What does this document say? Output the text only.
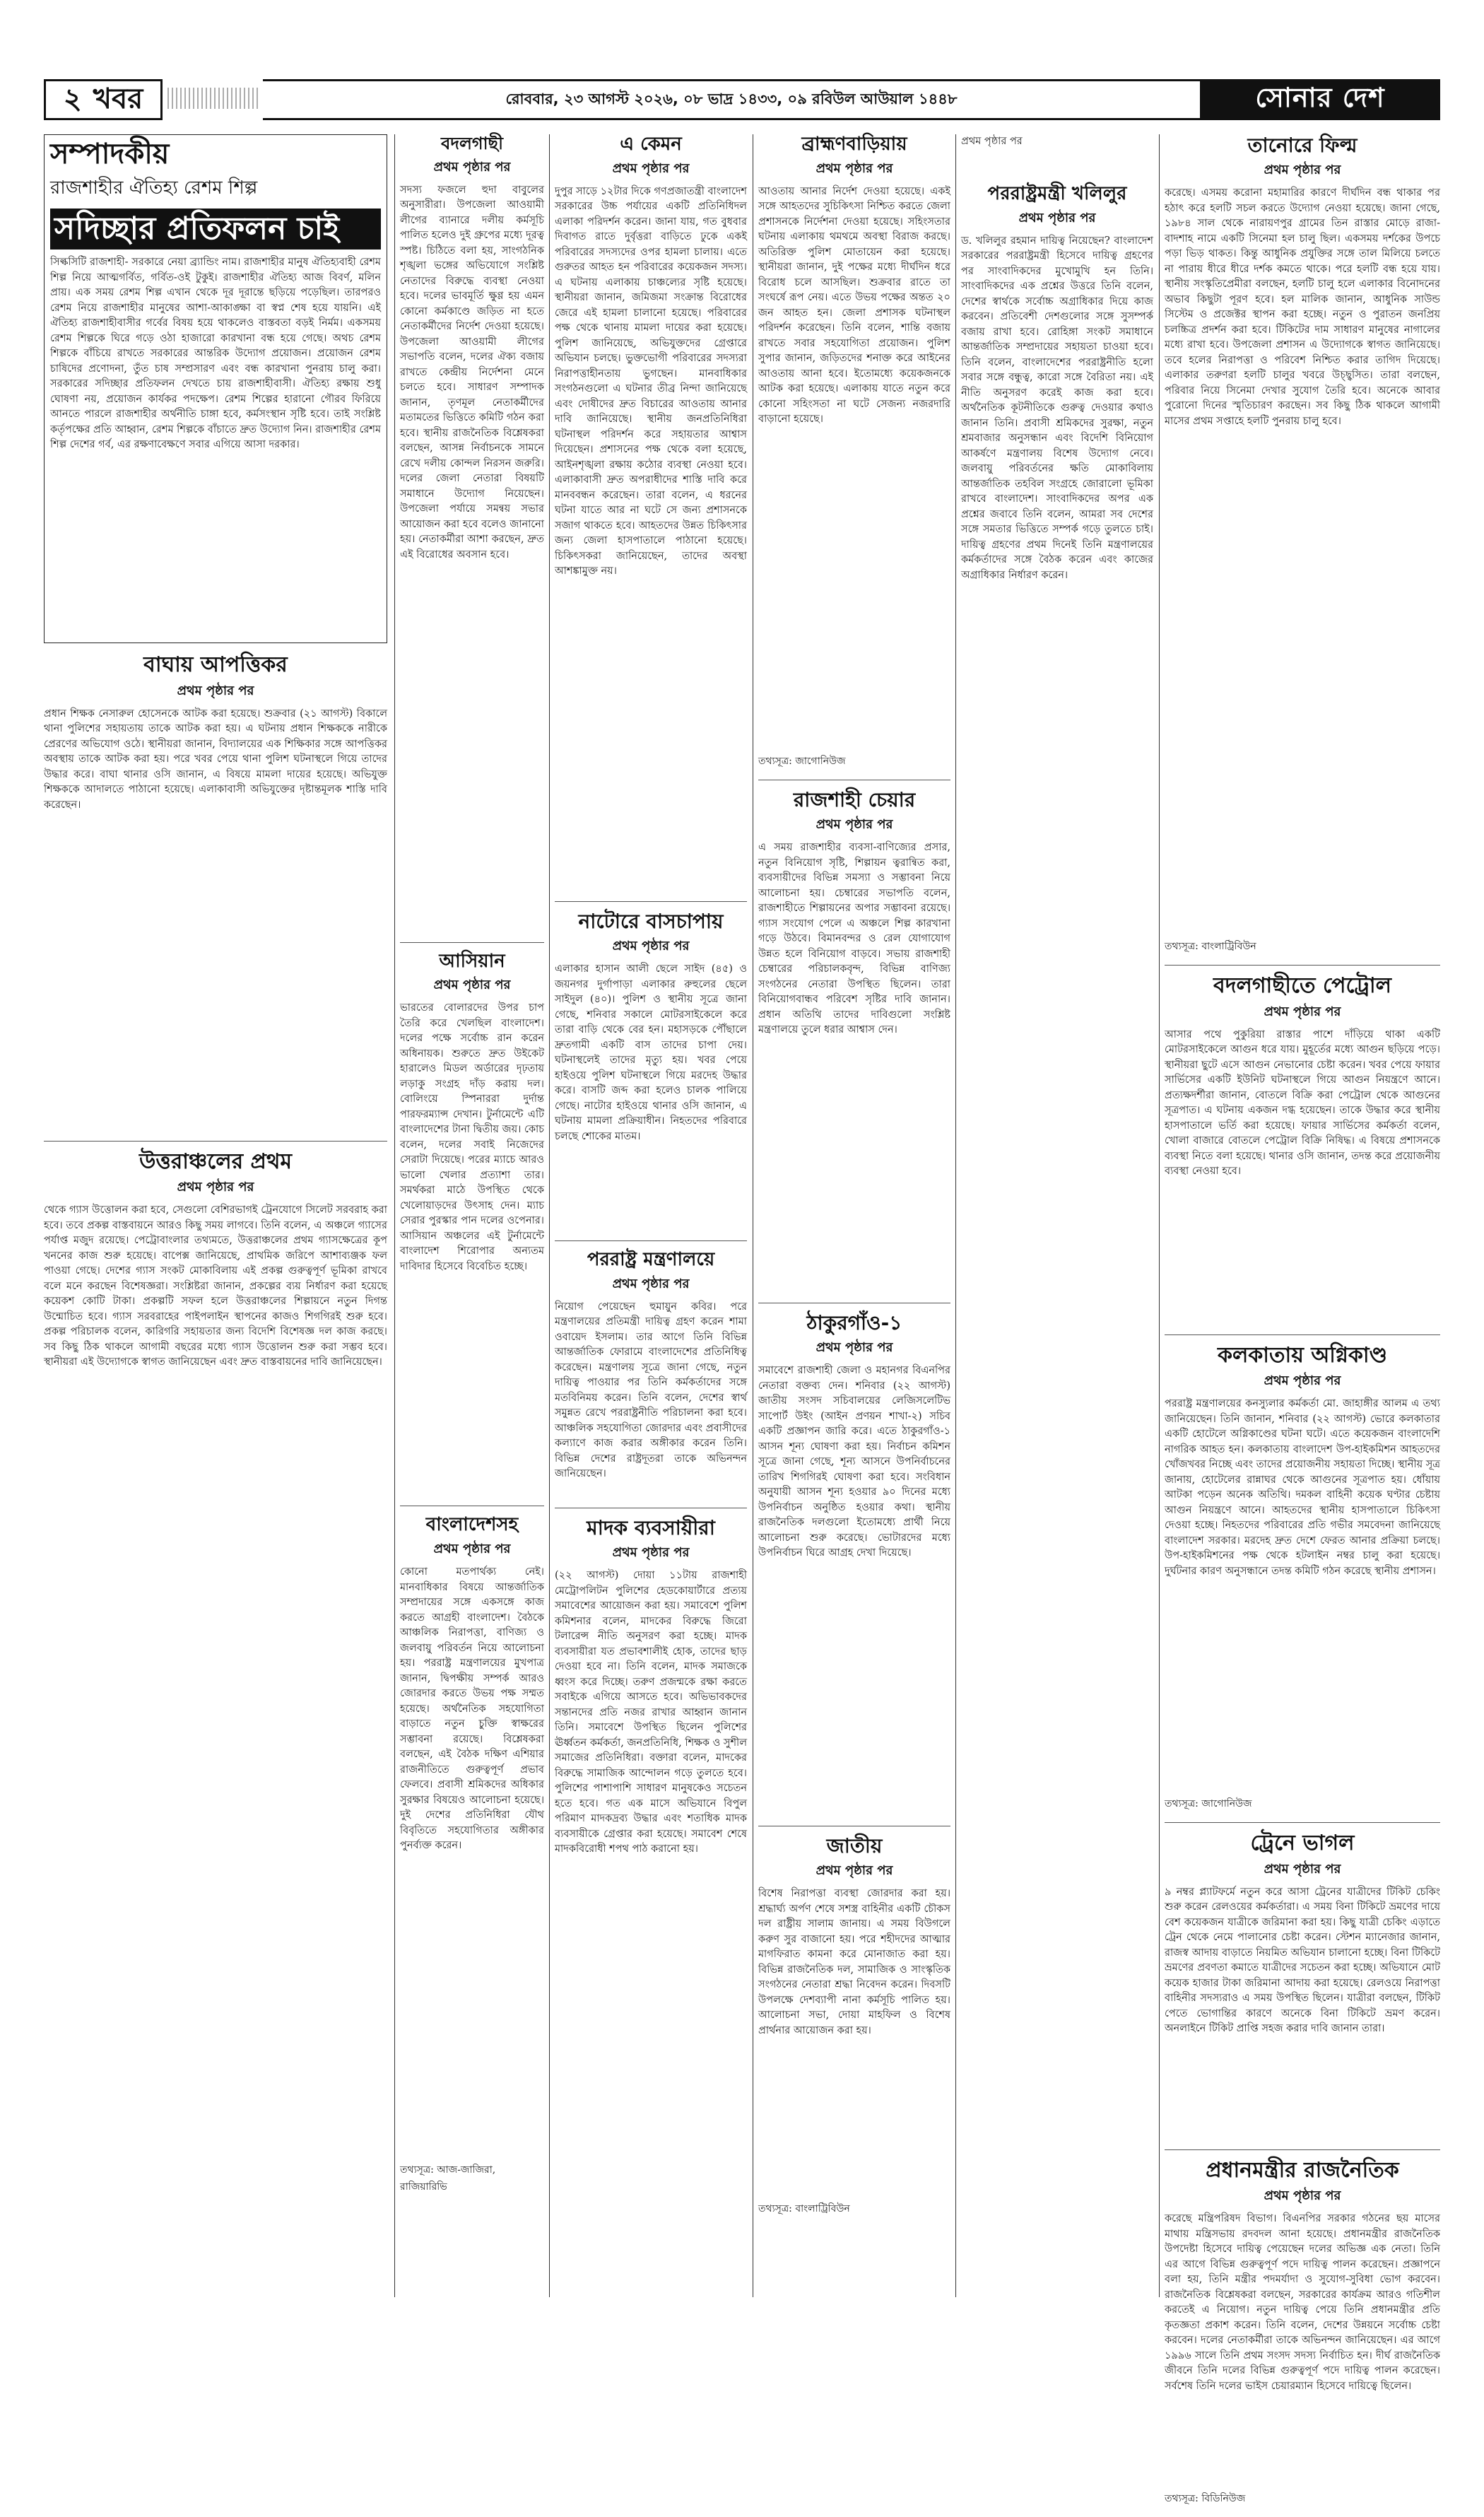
২ খবর	রোববার, ২৩ আগস্ট ২০২৬, ০৮ ভাদ্র ১৪৩৩, ০৯ রবিউল আউয়াল ১৪৪৮	সোনার দেশ
সম্পাদকীয়
রাজশাহীর ঐতিহ্য রেশম শিল্প
সদিচ্ছার প্রতিফলন চাই
সিল্কসিটি রাজশাহী- সরকারে নেয়া ব্র্যান্ডিং নাম। রাজশাহীর মানুষ ঐতিহ্যবাহী রেশম শিল্প নিয়ে আত্মগর্বিত, গর্বিত-ওই টুকুই। রাজশাহীর ঐতিহ্য আজ বিবর্ণ, মলিন প্রায়। এক সময় রেশম শিল্প এখান থেকে দূর দূরান্তে ছড়িয়ে পড়েছিল। তারপরও রেশম নিয়ে রাজশাহীর মানুষের আশা-আকাঙ্ক্ষা বা স্বপ্ন শেষ হয়ে যায়নি। এই ঐতিহ্য রাজশাহীবাসীর গর্বের বিষয় হয়ে থাকলেও বাস্তবতা বড়ই নির্মম। একসময় রেশম শিল্পকে ঘিরে গড়ে ওঠা হাজারো কারখানা বন্ধ হয়ে গেছে। অথচ রেশম শিল্পকে বাঁচিয়ে রাখতে সরকারের আন্তরিক উদ্যোগ প্রয়োজন। প্রয়োজন রেশম চাষিদের প্রণোদনা, তুঁত চাষ সম্প্রসারণ এবং বন্ধ কারখানা পুনরায় চালু করা। সরকারের সদিচ্ছার প্রতিফলন দেখতে চায় রাজশাহীবাসী। ঐতিহ্য রক্ষায় শুধু ঘোষণা নয়, প্রয়োজন কার্যকর পদক্ষেপ। রেশম শিল্পের হারানো গৌরব ফিরিয়ে আনতে পারলে রাজশাহীর অর্থনীতি চাঙ্গা হবে, কর্মসংস্থান সৃষ্টি হবে। তাই সংশ্লিষ্ট কর্তৃপক্ষের প্রতি আহ্বান, রেশম শিল্পকে বাঁচাতে দ্রুত উদ্যোগ নিন। রাজশাহীর রেশম শিল্প দেশের গর্ব, এর রক্ষণাবেক্ষণে সবার এগিয়ে আসা দরকার।
বাঘায় আপত্তিকর
প্রথম পৃষ্ঠার পর
প্রধান শিক্ষক নেসারুল হোসেনকে আটক করা হয়েছে। শুক্রবার (২১ আগস্ট) বিকালে থানা পুলিশের সহায়তায় তাকে আটক করা হয়। এ ঘটনায় প্রধান শিক্ষককে নারীকে প্রেরণের অভিযোগ ওঠে। স্থানীয়রা জানান, বিদ্যালয়ের এক শিক্ষিকার সঙ্গে আপত্তিকর অবস্থায় তাকে আটক করা হয়। পরে খবর পেয়ে থানা পুলিশ ঘটনাস্থলে গিয়ে তাদের উদ্ধার করে। বাঘা থানার ওসি জানান, এ বিষয়ে মামলা দায়ের হয়েছে। অভিযুক্ত শিক্ষককে আদালতে পাঠানো হয়েছে। এলাকাবাসী অভিযুক্তের দৃষ্টান্তমূলক শাস্তি দাবি করেছেন।
উত্তরাঞ্চলের প্রথম
প্রথম পৃষ্ঠার পর
থেকে গ্যাস উত্তোলন করা হবে, সেগুলো বেশিরভাগই ট্রেনযোগে সিলেট সরবরাহ করা হবে। তবে প্রকল্প বাস্তবায়নে আরও কিছু সময় লাগবে। তিনি বলেন, এ অঞ্চলে গ্যাসের পর্যাপ্ত মজুদ রয়েছে। পেট্রোবাংলার তথ্যমতে, উত্তরাঞ্চলের প্রথম গ্যাসক্ষেত্রের কূপ খননের কাজ শুরু হয়েছে। বাপেক্স জানিয়েছে, প্রাথমিক জরিপে আশাব্যঞ্জক ফল পাওয়া গেছে। দেশের গ্যাস সংকট মোকাবিলায় এই প্রকল্প গুরুত্বপূর্ণ ভূমিকা রাখবে বলে মনে করছেন বিশেষজ্ঞরা। সংশ্লিষ্টরা জানান, প্রকল্পের ব্যয় নির্ধারণ করা হয়েছে কয়েকশ কোটি টাকা। প্রকল্পটি সফল হলে উত্তরাঞ্চলের শিল্পায়নে নতুন দিগন্ত উন্মোচিত হবে। গ্যাস সরবরাহের পাইপলাইন স্থাপনের কাজও শিগগিরই শুরু হবে। প্রকল্প পরিচালক বলেন, কারিগরি সহায়তার জন্য বিদেশি বিশেষজ্ঞ দল কাজ করছে। সব কিছু ঠিক থাকলে আগামী বছরের মধ্যে গ্যাস উত্তোলন শুরু করা সম্ভব হবে। স্থানীয়রা এই উদ্যোগকে স্বাগত জানিয়েছেন এবং দ্রুত বাস্তবায়নের দাবি জানিয়েছেন।
বদলগাছী
প্রথম পৃষ্ঠার পর
সদস্য ফজলে হুদা বাবুলের অনুসারীরা। উপজেলা আওয়ামী লীগের ব্যানারে দলীয় কর্মসূচি পালিত হলেও দুই গ্রুপের মধ্যে দূরত্ব স্পষ্ট। চিঠিতে বলা হয়, সাংগঠনিক শৃঙ্খলা ভঙ্গের অভিযোগে সংশ্লিষ্ট নেতাদের বিরুদ্ধে ব্যবস্থা নেওয়া হবে। দলের ভাবমূর্তি ক্ষুণ্ণ হয় এমন কোনো কর্মকাণ্ডে জড়িত না হতে নেতাকর্মীদের নির্দেশ দেওয়া হয়েছে। উপজেলা আওয়ামী লীগের সভাপতি বলেন, দলের ঐক্য বজায় রাখতে কেন্দ্রীয় নির্দেশনা মেনে চলতে হবে। সাধারণ সম্পাদক জানান, তৃণমূল নেতাকর্মীদের মতামতের ভিত্তিতে কমিটি গঠন করা হবে। স্থানীয় রাজনৈতিক বিশ্লেষকরা বলছেন, আসন্ন নির্বাচনকে সামনে রেখে দলীয় কোন্দল নিরসন জরুরি। দলের জেলা নেতারা বিষয়টি সমাধানে উদ্যোগ নিয়েছেন। উপজেলা পর্যায়ে সমন্বয় সভার আয়োজন করা হবে বলেও জানানো হয়। নেতাকর্মীরা আশা করছেন, দ্রুত এই বিরোধের অবসান হবে।
আসিয়ান
প্রথম পৃষ্ঠার পর
ভারতের বোলারদের উপর চাপ তৈরি করে খেলছিল বাংলাদেশ। দলের পক্ষে সর্বোচ্চ রান করেন অধিনায়ক। শুরুতে দ্রুত উইকেট হারালেও মিডল অর্ডারের দৃঢ়তায় লড়াকু সংগ্রহ দাঁড় করায় দল। বোলিংয়ে স্পিনাররা দুর্দান্ত পারফরম্যান্স দেখান। টুর্নামেন্টে এটি বাংলাদেশের টানা দ্বিতীয় জয়। কোচ বলেন, দলের সবাই নিজেদের সেরাটা দিয়েছে। পরের ম্যাচে আরও ভালো খেলার প্রত্যাশা তার। সমর্থকরা মাঠে উপস্থিত থেকে খেলোয়াড়দের উৎসাহ দেন। ম্যাচ সেরার পুরস্কার পান দলের ওপেনার। আসিয়ান অঞ্চলের এই টুর্নামেন্টে বাংলাদেশ শিরোপার অন্যতম দাবিদার হিসেবে বিবেচিত হচ্ছে।
বাংলাদেশসহ
প্রথম পৃষ্ঠার পর
কোনো মতপার্থক্য নেই। মানবাধিকার বিষয়ে আন্তর্জাতিক সম্প্রদায়ের সঙ্গে একসঙ্গে কাজ করতে আগ্রহী বাংলাদেশ। বৈঠকে আঞ্চলিক নিরাপত্তা, বাণিজ্য ও জলবায়ু পরিবর্তন নিয়ে আলোচনা হয়। পররাষ্ট্র মন্ত্রণালয়ের মুখপাত্র জানান, দ্বিপক্ষীয় সম্পর্ক আরও জোরদার করতে উভয় পক্ষ সম্মত হয়েছে। অর্থনৈতিক সহযোগিতা বাড়াতে নতুন চুক্তি স্বাক্ষরের সম্ভাবনা রয়েছে। বিশ্লেষকরা বলছেন, এই বৈঠক দক্ষিণ এশিয়ার রাজনীতিতে গুরুত্বপূর্ণ প্রভাব ফেলবে। প্রবাসী শ্রমিকদের অধিকার সুরক্ষার বিষয়েও আলোচনা হয়েছে। দুই দেশের প্রতিনিধিরা যৌথ বিবৃতিতে সহযোগিতার অঙ্গীকার পুনর্ব্যক্ত করেন।
তথ্যসূত্র: আজ-জাজিরা, রাজিয়ারিভি
এ কেমন
প্রথম পৃষ্ঠার পর
দুপুর সাড়ে ১২টার দিকে গণপ্রজাতন্ত্রী বাংলাদেশ সরকারের উচ্চ পর্যায়ের একটি প্রতিনিধিদল এলাকা পরিদর্শন করেন। জানা যায়, গত বুধবার দিবাগত রাতে দুর্বৃত্তরা বাড়িতে ঢুকে একই পরিবারের সদস্যদের ওপর হামলা চালায়। এতে গুরুতর আহত হন পরিবারের কয়েকজন সদস্য। এ ঘটনায় এলাকায় চাঞ্চল্যের সৃষ্টি হয়েছে। স্থানীয়রা জানান, জমিজমা সংক্রান্ত বিরোধের জেরে এই হামলা চালানো হয়েছে। পরিবারের পক্ষ থেকে থানায় মামলা দায়ের করা হয়েছে। পুলিশ জানিয়েছে, অভিযুক্তদের গ্রেপ্তারে অভিযান চলছে। ভুক্তভোগী পরিবারের সদস্যরা নিরাপত্তাহীনতায় ভুগছেন। মানবাধিকার সংগঠনগুলো এ ঘটনার তীব্র নিন্দা জানিয়েছে এবং দোষীদের দ্রুত বিচারের আওতায় আনার দাবি জানিয়েছে। স্থানীয় জনপ্রতিনিধিরা ঘটনাস্থল পরিদর্শন করে সহায়তার আশ্বাস দিয়েছেন। প্রশাসনের পক্ষ থেকে বলা হয়েছে, আইনশৃঙ্খলা রক্ষায় কঠোর ব্যবস্থা নেওয়া হবে। এলাকাবাসী দ্রুত অপরাধীদের শাস্তি দাবি করে মানববন্ধন করেছেন। তারা বলেন, এ ধরনের ঘটনা যাতে আর না ঘটে সে জন্য প্রশাসনকে সজাগ থাকতে হবে। আহতদের উন্নত চিকিৎসার জন্য জেলা হাসপাতালে পাঠানো হয়েছে। চিকিৎসকরা জানিয়েছেন, তাদের অবস্থা আশঙ্কামুক্ত নয়।
নাটোরে বাসচাপায়
প্রথম পৃষ্ঠার পর
এলাকার হাসান আলী ছেলে সাইদ (৪৫) ও জয়নগর দুর্গাপাড়া এলাকার রুহুলের ছেলে সাইদুল (৪০)। পুলিশ ও স্থানীয় সূত্রে জানা গেছে, শনিবার সকালে মোটরসাইকেলে করে তারা বাড়ি থেকে বের হন। মহাসড়কে পৌঁছালে দ্রুতগামী একটি বাস তাদের চাপা দেয়। ঘটনাস্থলেই তাদের মৃত্যু হয়। খবর পেয়ে হাইওয়ে পুলিশ ঘটনাস্থলে গিয়ে মরদেহ উদ্ধার করে। বাসটি জব্দ করা হলেও চালক পালিয়ে গেছে। নাটোর হাইওয়ে থানার ওসি জানান, এ ঘটনায় মামলা প্রক্রিয়াধীন। নিহতদের পরিবারে চলছে শোকের মাতম।
পররাষ্ট্র মন্ত্রণালয়ে
প্রথম পৃষ্ঠার পর
নিয়োগ পেয়েছেন হুমায়ুন কবির। পরে মন্ত্রণালয়ের প্রতিমন্ত্রী দায়িত্ব গ্রহণ করেন শামা ওবায়েদ ইসলাম। তার আগে তিনি বিভিন্ন আন্তর্জাতিক ফোরামে বাংলাদেশের প্রতিনিধিত্ব করেছেন। মন্ত্রণালয় সূত্রে জানা গেছে, নতুন দায়িত্ব পাওয়ার পর তিনি কর্মকর্তাদের সঙ্গে মতবিনিময় করেন। তিনি বলেন, দেশের স্বার্থ সমুন্নত রেখে পররাষ্ট্রনীতি পরিচালনা করা হবে। আঞ্চলিক সহযোগিতা জোরদার এবং প্রবাসীদের কল্যাণে কাজ করার অঙ্গীকার করেন তিনি। বিভিন্ন দেশের রাষ্ট্রদূতরা তাকে অভিনন্দন জানিয়েছেন।
মাদক ব্যবসায়ীরা
প্রথম পৃষ্ঠার পর
(২২ আগস্ট) দোয়া ১১টায় রাজশাহী মেট্রোপলিটন পুলিশের হেডকোয়ার্টারে প্রত্যয় সমাবেশের আয়োজন করা হয়। সমাবেশে পুলিশ কমিশনার বলেন, মাদকের বিরুদ্ধে জিরো টলারেন্স নীতি অনুসরণ করা হচ্ছে। মাদক ব্যবসায়ীরা যত প্রভাবশালীই হোক, তাদের ছাড় দেওয়া হবে না। তিনি বলেন, মাদক সমাজকে ধ্বংস করে দিচ্ছে। তরুণ প্রজন্মকে রক্ষা করতে সবাইকে এগিয়ে আসতে হবে। অভিভাবকদের সন্তানদের প্রতি নজর রাখার আহ্বান জানান তিনি। সমাবেশে উপস্থিত ছিলেন পুলিশের ঊর্ধ্বতন কর্মকর্তা, জনপ্রতিনিধি, শিক্ষক ও সুশীল সমাজের প্রতিনিধিরা। বক্তারা বলেন, মাদকের বিরুদ্ধে সামাজিক আন্দোলন গড়ে তুলতে হবে। পুলিশের পাশাপাশি সাধারণ মানুষকেও সচেতন হতে হবে। গত এক মাসে অভিযানে বিপুল পরিমাণ মাদকদ্রব্য উদ্ধার এবং শতাধিক মাদক ব্যবসায়ীকে গ্রেপ্তার করা হয়েছে। সমাবেশ শেষে মাদকবিরোধী শপথ পাঠ করানো হয়।
ব্রাহ্মণবাড়িয়ায়
প্রথম পৃষ্ঠার পর
আওতায় আনার নির্দেশ দেওয়া হয়েছে। একই সঙ্গে আহতদের সুচিকিৎসা নিশ্চিত করতে জেলা প্রশাসনকে নির্দেশনা দেওয়া হয়েছে। সহিংসতার ঘটনায় এলাকায় থমথমে অবস্থা বিরাজ করছে। অতিরিক্ত পুলিশ মোতায়েন করা হয়েছে। স্থানীয়রা জানান, দুই পক্ষের মধ্যে দীর্ঘদিন ধরে বিরোধ চলে আসছিল। শুক্রবার রাতে তা সংঘর্ষে রূপ নেয়। এতে উভয় পক্ষের অন্তত ২০ জন আহত হন। জেলা প্রশাসক ঘটনাস্থল পরিদর্শন করেছেন। তিনি বলেন, শান্তি বজায় রাখতে সবার সহযোগিতা প্রয়োজন। পুলিশ সুপার জানান, জড়িতদের শনাক্ত করে আইনের আওতায় আনা হবে। ইতোমধ্যে কয়েকজনকে আটক করা হয়েছে। এলাকায় যাতে নতুন করে কোনো সহিংসতা না ঘটে সেজন্য নজরদারি বাড়ানো হয়েছে।
তথ্যসূত্র: জাগোনিউজ
রাজশাহী চেয়ার
প্রথম পৃষ্ঠার পর
এ সময় রাজশাহীর ব্যবসা-বাণিজ্যের প্রসার, নতুন বিনিয়োগ সৃষ্টি, শিল্পায়ন ত্বরান্বিত করা, ব্যবসায়ীদের বিভিন্ন সমস্যা ও সম্ভাবনা নিয়ে আলোচনা হয়। চেম্বারের সভাপতি বলেন, রাজশাহীতে শিল্পায়নের অপার সম্ভাবনা রয়েছে। গ্যাস সংযোগ পেলে এ অঞ্চলে শিল্প কারখানা গড়ে উঠবে। বিমানবন্দর ও রেল যোগাযোগ উন্নত হলে বিনিয়োগ বাড়বে। সভায় রাজশাহী চেম্বারের পরিচালকবৃন্দ, বিভিন্ন বাণিজ্য সংগঠনের নেতারা উপস্থিত ছিলেন। তারা বিনিয়োগবান্ধব পরিবেশ সৃষ্টির দাবি জানান। প্রধান অতিথি তাদের দাবিগুলো সংশ্লিষ্ট মন্ত্রণালয়ে তুলে ধরার আশ্বাস দেন।
ঠাকুরগাঁও-১
প্রথম পৃষ্ঠার পর
সমাবেশে রাজশাহী জেলা ও মহানগর বিএনপির নেতারা বক্তব্য দেন। শনিবার (২২ আগস্ট) জাতীয় সংসদ সচিবালয়ের লেজিসলেটিভ সাপোর্ট উইং (আইন প্রণয়ন শাখা-২) সচিব একটি প্রজ্ঞাপন জারি করে। এতে ঠাকুরগাঁও-১ আসন শূন্য ঘোষণা করা হয়। নির্বাচন কমিশন সূত্রে জানা গেছে, শূন্য আসনে উপনির্বাচনের তারিখ শিগগিরই ঘোষণা করা হবে। সংবিধান অনুযায়ী আসন শূন্য হওয়ার ৯০ দিনের মধ্যে উপনির্বাচন অনুষ্ঠিত হওয়ার কথা। স্থানীয় রাজনৈতিক দলগুলো ইতোমধ্যে প্রার্থী নিয়ে আলোচনা শুরু করেছে। ভোটারদের মধ্যে উপনির্বাচন ঘিরে আগ্রহ দেখা দিয়েছে।
জাতীয়
প্রথম পৃষ্ঠার পর
বিশেষ নিরাপত্তা ব্যবস্থা জোরদার করা হয়। শ্রদ্ধার্ঘ্য অর্পণ শেষে সশস্ত্র বাহিনীর একটি চৌকস দল রাষ্ট্রীয় সালাম জানায়। এ সময় বিউগলে করুণ সুর বাজানো হয়। পরে শহীদদের আত্মার মাগফিরাত কামনা করে মোনাজাত করা হয়। বিভিন্ন রাজনৈতিক দল, সামাজিক ও সাংস্কৃতিক সংগঠনের নেতারা শ্রদ্ধা নিবেদন করেন। দিবসটি উপলক্ষে দেশব্যাপী নানা কর্মসূচি পালিত হয়। আলোচনা সভা, দোয়া মাহফিল ও বিশেষ প্রার্থনার আয়োজন করা হয়।
তথ্যসূত্র: বাংলাট্রিবিউন
প্রথম পৃষ্ঠার পর	তানোরে ফিল্ম
প্রথম পৃষ্ঠার পর
করেছে। এসময় করোনা মহামারির কারণে দীর্ঘদিন বন্ধ থাকার পর হঠাৎ করে হলটি সচল করতে উদ্যোগ নেওয়া হয়েছে। জানা গেছে, ১৯৮৪ সাল থেকে নারায়ণপুর গ্রামের তিন রাস্তার মোড়ে রাজা-বাদশাহ নামে একটি সিনেমা হল চালু ছিল। একসময় দর্শকের উপচে পড়া ভিড় থাকত। কিন্তু আধুনিক প্রযুক্তির সঙ্গে তাল মিলিয়ে চলতে না পারায় ধীরে ধীরে দর্শক কমতে থাকে। পরে হলটি বন্ধ হয়ে যায়। স্থানীয় সংস্কৃতিপ্রেমীরা বলছেন, হলটি চালু হলে এলাকার বিনোদনের অভাব কিছুটা পূরণ হবে। হল মালিক জানান, আধুনিক সাউন্ড সিস্টেম ও প্রজেক্টর স্থাপন করা হচ্ছে। নতুন ও পুরাতন জনপ্রিয় চলচ্চিত্র প্রদর্শন করা হবে। টিকিটের দাম সাধারণ মানুষের নাগালের মধ্যে রাখা হবে। উপজেলা প্রশাসন এ উদ্যোগকে স্বাগত জানিয়েছে। তবে হলের নিরাপত্তা ও পরিবেশ নিশ্চিত করার তাগিদ দিয়েছে। এলাকার তরুণরা হলটি চালুর খবরে উচ্ছ্বসিত। তারা বলছেন, পরিবার নিয়ে সিনেমা দেখার সুযোগ তৈরি হবে। অনেকে আবার পুরোনো দিনের স্মৃতিচারণ করছেন। সব কিছু ঠিক থাকলে আগামী মাসের প্রথম সপ্তাহে হলটি পুনরায় চালু হবে।
তথ্যসূত্র: বাংলাট্রিবিউন
বদলগাছীতে পেট্রোল
প্রথম পৃষ্ঠার পর
আসার পথে পুকুরিয়া রাস্তার পাশে দাঁড়িয়ে থাকা একটি মোটরসাইকেলে আগুন ধরে যায়। মুহূর্তের মধ্যে আগুন ছড়িয়ে পড়ে। স্থানীয়রা ছুটে এসে আগুন নেভানোর চেষ্টা করেন। খবর পেয়ে ফায়ার সার্ভিসের একটি ইউনিট ঘটনাস্থলে গিয়ে আগুন নিয়ন্ত্রণে আনে। প্রত্যক্ষদর্শীরা জানান, বোতলে বিক্রি করা পেট্রোল থেকে আগুনের সূত্রপাত। এ ঘটনায় একজন দগ্ধ হয়েছেন। তাকে উদ্ধার করে স্থানীয় হাসপাতালে ভর্তি করা হয়েছে। ফায়ার সার্ভিসের কর্মকর্তা বলেন, খোলা বাজারে বোতলে পেট্রোল বিক্রি নিষিদ্ধ। এ বিষয়ে প্রশাসনকে ব্যবস্থা নিতে বলা হয়েছে। থানার ওসি জানান, তদন্ত করে প্রয়োজনীয় ব্যবস্থা নেওয়া হবে।
কলকাতায় অগ্নিকাণ্ড
প্রথম পৃষ্ঠার পর
পররাষ্ট্র মন্ত্রণালয়ের কনস্যুলার কর্মকর্তা মো. জাহাঙ্গীর আলম এ তথ্য জানিয়েছেন। তিনি জানান, শনিবার (২২ আগস্ট) ভোরে কলকাতার একটি হোটেলে অগ্নিকাণ্ডের ঘটনা ঘটে। এতে কয়েকজন বাংলাদেশি নাগরিক আহত হন। কলকাতায় বাংলাদেশ উপ-হাইকমিশন আহতদের খোঁজখবর নিচ্ছে এবং তাদের প্রয়োজনীয় সহায়তা দিচ্ছে। স্থানীয় সূত্র জানায়, হোটেলের রান্নাঘর থেকে আগুনের সূত্রপাত হয়। ধোঁয়ায় আটকা পড়েন অনেক অতিথি। দমকল বাহিনী কয়েক ঘণ্টার চেষ্টায় আগুন নিয়ন্ত্রণে আনে। আহতদের স্থানীয় হাসপাতালে চিকিৎসা দেওয়া হচ্ছে। নিহতদের পরিবারের প্রতি গভীর সমবেদনা জানিয়েছে বাংলাদেশ সরকার। মরদেহ দ্রুত দেশে ফেরত আনার প্রক্রিয়া চলছে। উপ-হাইকমিশনের পক্ষ থেকে হটলাইন নম্বর চালু করা হয়েছে। দুর্ঘটনার কারণ অনুসন্ধানে তদন্ত কমিটি গঠন করেছে স্থানীয় প্রশাসন।
তথ্যসূত্র: জাগোনিউজ
ট্রেনে ভাগল
প্রথম পৃষ্ঠার পর
৯ নম্বর প্ল্যাটফর্মে নতুন করে আসা ট্রেনের যাত্রীদের টিকিট চেকিং শুরু করেন রেলওয়ের কর্মকর্তারা। এ সময় বিনা টিকিটে ভ্রমণের দায়ে বেশ কয়েকজন যাত্রীকে জরিমানা করা হয়। কিছু যাত্রী চেকিং এড়াতে ট্রেন থেকে নেমে পালানোর চেষ্টা করেন। স্টেশন ম্যানেজার জানান, রাজস্ব আদায় বাড়াতে নিয়মিত অভিযান চালানো হচ্ছে। বিনা টিকিটে ভ্রমণের প্রবণতা কমাতে যাত্রীদের সচেতন করা হচ্ছে। অভিযানে মোট কয়েক হাজার টাকা জরিমানা আদায় করা হয়েছে। রেলওয়ে নিরাপত্তা বাহিনীর সদস্যরাও এ সময় উপস্থিত ছিলেন। যাত্রীরা বলছেন, টিকিট পেতে ভোগান্তির কারণে অনেকে বিনা টিকিটে ভ্রমণ করেন। অনলাইনে টিকিট প্রাপ্তি সহজ করার দাবি জানান তারা।
প্রধানমন্ত্রীর রাজনৈতিক
প্রথম পৃষ্ঠার পর
করেছে মন্ত্রিপরিষদ বিভাগ। বিএনপির সরকার গঠনের ছয় মাসের মাথায় মন্ত্রিসভায় রদবদল আনা হয়েছে। প্রধানমন্ত্রীর রাজনৈতিক উপদেষ্টা হিসেবে দায়িত্ব পেয়েছেন দলের অভিজ্ঞ এক নেতা। তিনি এর আগে বিভিন্ন গুরুত্বপূর্ণ পদে দায়িত্ব পালন করেছেন। প্রজ্ঞাপনে বলা হয়, তিনি মন্ত্রীর পদমর্যাদা ও সুযোগ-সুবিধা ভোগ করবেন। রাজনৈতিক বিশ্লেষকরা বলছেন, সরকারের কার্যক্রম আরও গতিশীল করতেই এ নিয়োগ। নতুন দায়িত্ব পেয়ে তিনি প্রধানমন্ত্রীর প্রতি কৃতজ্ঞতা প্রকাশ করেন। তিনি বলেন, দেশের উন্নয়নে সর্বোচ্চ চেষ্টা করবেন। দলের নেতাকর্মীরা তাকে অভিনন্দন জানিয়েছেন। এর আগে ১৯৯৬ সালে তিনি প্রথম সংসদ সদস্য নির্বাচিত হন। দীর্ঘ রাজনৈতিক জীবনে তিনি দলের বিভিন্ন গুরুত্বপূর্ণ পদে দায়িত্ব পালন করেছেন। সর্বশেষ তিনি দলের ভাইস চেয়ারম্যান হিসেবে দায়িত্বে ছিলেন।
তথ্যসূত্র: বিডিনিউজ
পররাষ্ট্রমন্ত্রী খলিলুর
প্রথম পৃষ্ঠার পর
ড. খলিলুর রহমান দায়িত্ব নিয়েছেন? বাংলাদেশ সরকারের পররাষ্ট্রমন্ত্রী হিসেবে দায়িত্ব গ্রহণের পর সাংবাদিকদের মুখোমুখি হন তিনি। সাংবাদিকদের এক প্রশ্নের উত্তরে তিনি বলেন, দেশের স্বার্থকে সর্বোচ্চ অগ্রাধিকার দিয়ে কাজ করবেন। প্রতিবেশী দেশগুলোর সঙ্গে সুসম্পর্ক বজায় রাখা হবে। রোহিঙ্গা সংকট সমাধানে আন্তর্জাতিক সম্প্রদায়ের সহায়তা চাওয়া হবে। তিনি বলেন, বাংলাদেশের পররাষ্ট্রনীতি হলো সবার সঙ্গে বন্ধুত্ব, কারো সঙ্গে বৈরিতা নয়। এই নীতি অনুসরণ করেই কাজ করা হবে। অর্থনৈতিক কূটনীতিকে গুরুত্ব দেওয়ার কথাও জানান তিনি। প্রবাসী শ্রমিকদের সুরক্ষা, নতুন শ্রমবাজার অনুসন্ধান এবং বিদেশি বিনিয়োগ আকর্ষণে মন্ত্রণালয় বিশেষ উদ্যোগ নেবে। জলবায়ু পরিবর্তনের ক্ষতি মোকাবিলায় আন্তর্জাতিক তহবিল সংগ্রহে জোরালো ভূমিকা রাখবে বাংলাদেশ। সাংবাদিকদের অপর এক প্রশ্নের জবাবে তিনি বলেন, আমরা সব দেশের সঙ্গে সমতার ভিত্তিতে সম্পর্ক গড়ে তুলতে চাই। দায়িত্ব গ্রহণের প্রথম দিনেই তিনি মন্ত্রণালয়ের কর্মকর্তাদের সঙ্গে বৈঠক করেন এবং কাজের অগ্রাধিকার নির্ধারণ করেন।
